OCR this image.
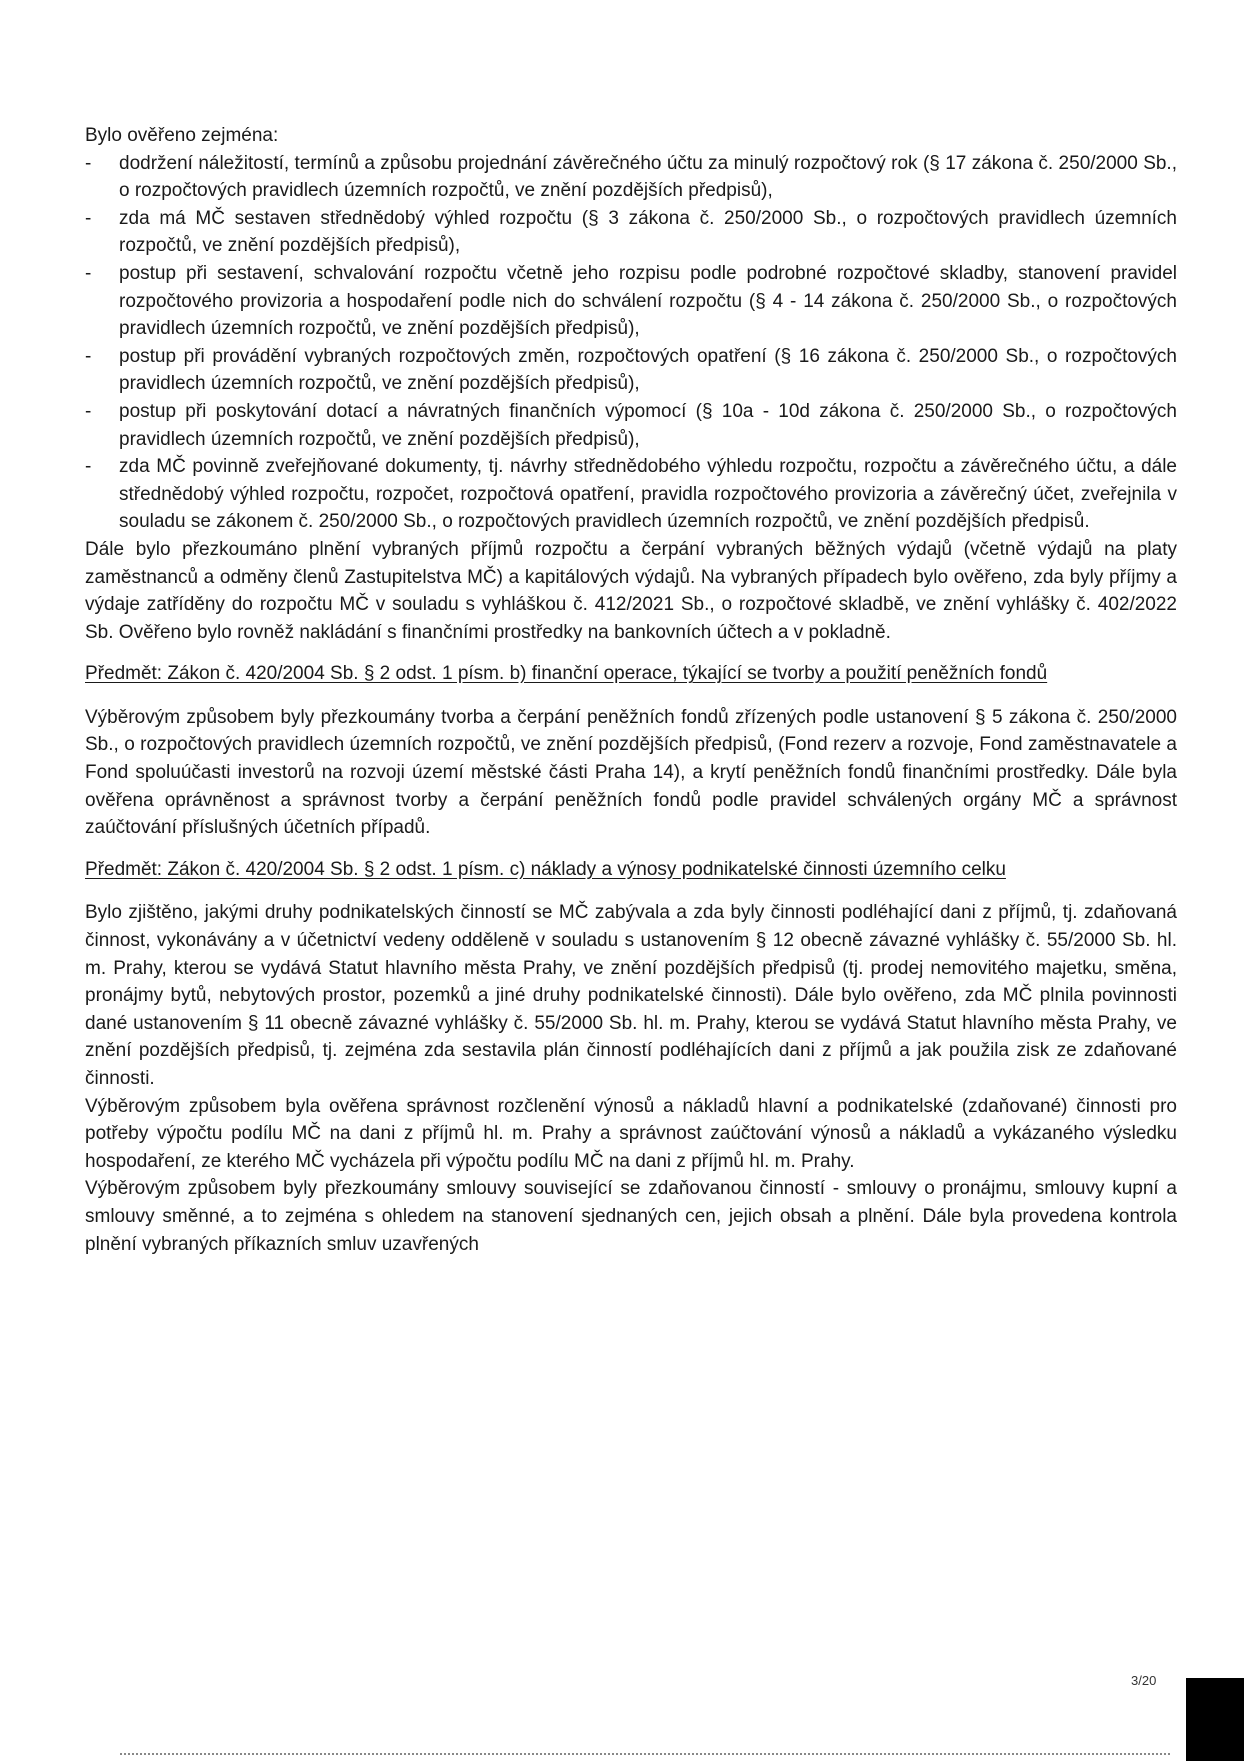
Bylo ověřeno zejména:

- dodržení náležitostí, termínů a způsobu projednání závěrečného účtu za minulý rozpočtový rok (§ 17 zákona č. 250/2000 Sb., o rozpočtových pravidlech územních rozpočtů, ve znění pozdějších předpisů),
- zda má MČ sestaven střednědobý výhled rozpočtu (§ 3 zákona č. 250/2000 Sb., o rozpočtových pravidlech územních rozpočtů, ve znění pozdějších předpisů),
- postup při sestavení, schvalování rozpočtu včetně jeho rozpisu podle podrobné rozpočtové skladby, stanovení pravidel rozpočtového provizoria a hospodaření podle nich do schválení rozpočtu (§ 4 - 14 zákona č. 250/2000 Sb., o rozpočtových pravidlech územních rozpočtů, ve znění pozdějších předpisů),
- postup při provádění vybraných rozpočtových změn, rozpočtových opatření (§ 16 zákona č. 250/2000 Sb., o rozpočtových pravidlech územních rozpočtů, ve znění pozdějších předpisů),
- postup při poskytování dotací a návratných finančních výpomocí (§ 10a - 10d zákona č. 250/2000 Sb., o rozpočtových pravidlech územních rozpočtů, ve znění pozdějších předpisů),
- zda MČ povinně zveřejňované dokumenty, tj. návrhy střednědobého výhledu rozpočtu, rozpočtu a závěrečného účtu, a dále střednědobý výhled rozpočtu, rozpočet, rozpočtová opatření, pravidla rozpočtového provizoria a závěrečný účet, zveřejnila v souladu se zákonem č. 250/2000 Sb., o rozpočtových pravidlech územních rozpočtů, ve znění pozdějších předpisů.

Dále bylo přezkoumáno plnění vybraných příjmů rozpočtu a čerpání vybraných běžných výdajů (včetně výdajů na platy zaměstnanců a odměny členů Zastupitelstva MČ) a kapitálových výdajů. Na vybraných případech bylo ověřeno, zda byly příjmy a výdaje zatříděny do rozpočtu MČ v souladu s vyhláškou č. 412/2021 Sb., o rozpočtové skladbě, ve znění vyhlášky č. 402/2022 Sb. Ověřeno bylo rovněž nakládání s finančními prostředky na bankovních účtech a v pokladně.

Předmět: Zákon č. 420/2004 Sb. § 2 odst. 1 písm. b) finanční operace, týkající se tvorby a použití peněžních fondů

Výběrovým způsobem byly přezkoumány tvorba a čerpání peněžních fondů zřízených podle ustanovení § 5 zákona č. 250/2000 Sb., o rozpočtových pravidlech územních rozpočtů, ve znění pozdějších předpisů, (Fond rezerv a rozvoje, Fond zaměstnavatele a Fond spoluúčasti investorů na rozvoji území městské části Praha 14), a krytí peněžních fondů finančními prostředky. Dále byla ověřena oprávněnost a správnost tvorby a čerpání peněžních fondů podle pravidel schválených orgány MČ a správnost zaúčtování příslušných účetních případů.

Předmět: Zákon č. 420/2004 Sb. § 2 odst. 1 písm. c) náklady a výnosy podnikatelské činnosti územního celku

Bylo zjištěno, jakými druhy podnikatelských činností se MČ zabývala a zda byly činnosti podléhající dani z příjmů, tj. zdaňovaná činnost, vykonávány a v účetnictví vedeny odděleně v souladu s ustanovením § 12 obecně závazné vyhlášky č. 55/2000 Sb. hl. m. Prahy, kterou se vydává Statut hlavního města Prahy, ve znění pozdějších předpisů (tj. prodej nemovitého majetku, směna, pronájmy bytů, nebytových prostor, pozemků a jiné druhy podnikatelské činnosti). Dále bylo ověřeno, zda MČ plnila povinnosti dané ustanovením § 11 obecně závazné vyhlášky č. 55/2000 Sb. hl. m. Prahy, kterou se vydává Statut hlavního města Prahy, ve znění pozdějších předpisů, tj. zejména zda sestavila plán činností podléhajících dani z příjmů a jak použila zisk ze zdaňované činnosti.

Výběrovým způsobem byla ověřena správnost rozčlenění výnosů a nákladů hlavní a podnikatelské (zdaňované) činnosti pro potřeby výpočtu podílu MČ na dani z příjmů hl. m. Prahy a správnost zaúčtování výnosů a nákladů a vykázaného výsledku hospodaření, ze kterého MČ vycházela při výpočtu podílu MČ na dani z příjmů hl. m. Prahy.

Výběrovým způsobem byly přezkoumány smlouvy související se zdaňovanou činností - smlouvy o pronájmu, smlouvy kupní a smlouvy směnné, a to zejména s ohledem na stanovení sjednaných cen, jejich obsah a plnění. Dále byla provedena kontrola plnění vybraných příkazních smluv uzavřených

3/20
